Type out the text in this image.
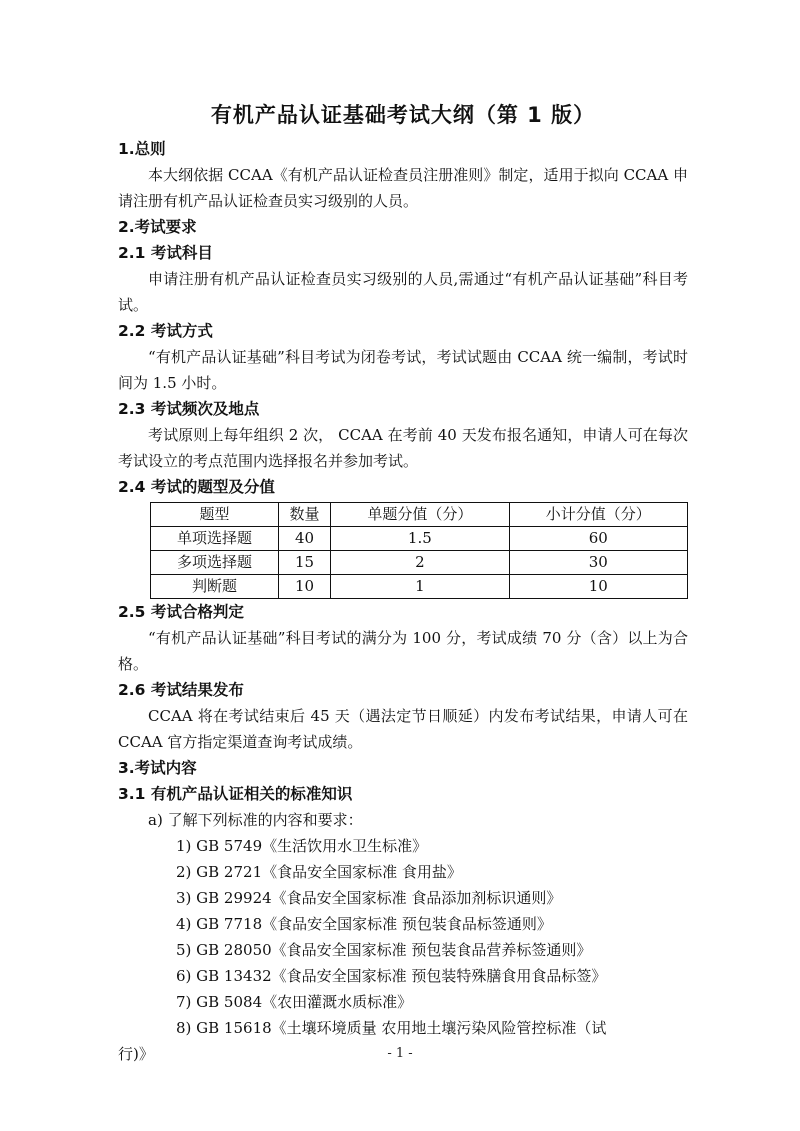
有机产品认证基础考试大纲（第 1 版）

1.总则

本大纲依据 CCAA《有机产品认证检查员注册准则》制定，适用于拟向 CCAA 申请注册有机产品认证检查员实习级别的人员。

2.考试要求

2.1 考试科目

申请注册有机产品认证检查员实习级别的人员,需通过“有机产品认证基础”科目考试。

2.2 考试方式

“有机产品认证基础”科目考试为闭卷考试，考试试题由 CCAA 统一编制，考试时间为 1.5 小时。

2.3 考试频次及地点

考试原则上每年组织 2 次， CCAA 在考前 40 天发布报名通知，申请人可在每次考试设立的考点范围内选择报名并参加考试。

2.4 考试的题型及分值

题型	数量	单题分值（分）	小计分值（分）
单项选择题	40	1.5	60
多项选择题	15	2	30
判断题	10	1	10

2.5 考试合格判定

“有机产品认证基础”科目考试的满分为 100 分，考试成绩 70 分（含）以上为合格。

2.6 考试结果发布

CCAA 将在考试结束后 45 天（遇法定节日顺延）内发布考试结果，申请人可在 CCAA 官方指定渠道查询考试成绩。

3.考试内容

3.1 有机产品认证相关的标准知识

a) 了解下列标准的内容和要求：

1) GB 5749《生活饮用水卫生标准》

2) GB 2721《食品安全国家标准 食用盐》

3) GB 29924《食品安全国家标准 食品添加剂标识通则》

4) GB 7718《食品安全国家标准 预包装食品标签通则》

5) GB 28050《食品安全国家标准 预包装食品营养标签通则》

6) GB 13432《食品安全国家标准 预包装特殊膳食用食品标签》

7) GB 5084《农田灌溉水质标准》

8) GB 15618《土壤环境质量 农用地土壤污染风险管控标准（试

行)》	- 1 -
